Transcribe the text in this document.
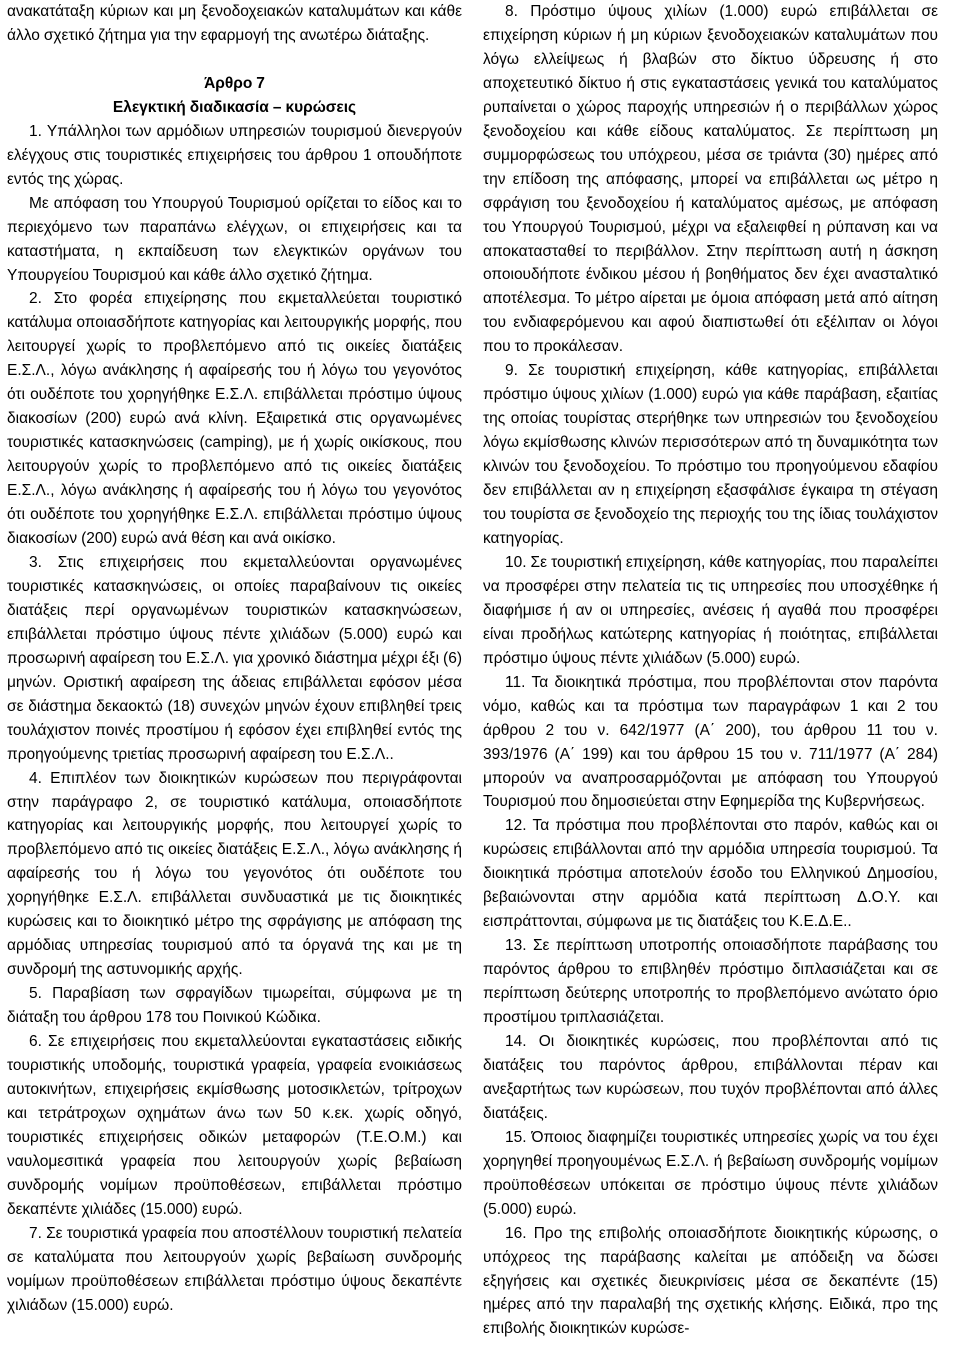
ανακατάταξη κύριων και μη ξενοδοχειακών καταλυμάτων και κάθε άλλο σχετικό ζήτημα για την εφαρμογή της ανωτέρω διάταξης.

Άρθρο 7

Ελεγκτική διαδικασία – κυρώσεις

1. Υπάλληλοι των αρμόδιων υπηρεσιών τουρισμού διενεργούν ελέγχους στις τουριστικές επιχειρήσεις του άρθρου 1 οπουδήποτε εντός της χώρας.

Με απόφαση του Υπουργού Τουρισμού ορίζεται το είδος και το περιεχόμενο των παραπάνω ελέγχων, οι επιχειρήσεις και τα καταστήματα, η εκπαίδευση των ελεγκτικών οργάνων του Υπουργείου Τουρισμού και κάθε άλλο σχετικό ζήτημα.

2. Στο φορέα επιχείρησης που εκμεταλλεύεται τουριστικό κατάλυμα οποιασδήποτε κατηγορίας και λειτουργικής μορφής, που λειτουργεί χωρίς το προβλεπόμενο από τις οικείες διατάξεις Ε.Σ.Λ., λόγω ανάκλησης ή αφαίρεσής του ή λόγω του γεγονότος ότι ουδέποτε του χορηγήθηκε Ε.Σ.Λ. επιβάλλεται πρόστιμο ύψους διακοσίων (200) ευρώ ανά κλίνη. Εξαιρετικά στις οργανωμένες τουριστικές κατασκηνώσεις (camping), με ή χωρίς οικίσκους, που λειτουργούν χωρίς το προβλεπόμενο από τις οικείες διατάξεις Ε.Σ.Λ., λόγω ανάκλησης ή αφαίρεσής του ή λόγω του γεγονότος ότι ουδέποτε του χορηγήθηκε Ε.Σ.Λ. επιβάλλεται πρόστιμο ύψους διακοσίων (200) ευρώ ανά θέση και ανά οικίσκο.

3. Στις επιχειρήσεις που εκμεταλλεύονται οργανωμένες τουριστικές κατασκηνώσεις, οι οποίες παραβαίνουν τις οικείες διατάξεις περί οργανωμένων τουριστικών κατασκηνώσεων, επιβάλλεται πρόστιμο ύψους πέντε χιλιάδων (5.000) ευρώ και προσωρινή αφαίρεση του Ε.Σ.Λ. για χρονικό διάστημα μέχρι έξι (6) μηνών. Οριστική αφαίρεση της άδειας επιβάλλεται εφόσον μέσα σε διάστημα δεκαοκτώ (18) συνεχών μηνών έχουν επιβληθεί τρεις τουλάχιστον ποινές προστίμου ή εφόσον έχει επιβληθεί εντός της προηγούμενης τριετίας προσωρινή αφαίρεση του Ε.Σ.Λ..

4. Επιπλέον των διοικητικών κυρώσεων που περιγράφονται στην παράγραφο 2, σε τουριστικό κατάλυμα, οποιασδήποτε κατηγορίας και λειτουργικής μορφής, που λειτουργεί χωρίς το προβλεπόμενο από τις οικείες διατάξεις Ε.Σ.Λ., λόγω ανάκλησης ή αφαίρεσής του ή λόγω του γεγονότος ότι ουδέποτε του χορηγήθηκε Ε.Σ.Λ. επιβάλλεται συνδυαστικά με τις διοικητικές κυρώσεις και το διοικητικό μέτρο της σφράγισης με απόφαση της αρμόδιας υπηρεσίας τουρισμού από τα όργανά της και με τη συνδρομή της αστυνομικής αρχής.

5. Παραβίαση των σφραγίδων τιμωρείται, σύμφωνα με τη διάταξη του άρθρου 178 του Ποινικού Κώδικα.

6. Σε επιχειρήσεις που εκμεταλλεύονται εγκαταστάσεις ειδικής τουριστικής υποδομής, τουριστικά γραφεία, γραφεία ενοικιάσεως αυτοκινήτων, επιχειρήσεις εκμίσθωσης μοτοσικλετών, τρίτροχων και τετράτροχων οχημάτων άνω των 50 κ.εκ. χωρίς οδηγό, τουριστικές επιχειρήσεις οδικών μεταφορών (Τ.Ε.Ο.Μ.) και ναυλομεσιτικά γραφεία που λειτουργούν χωρίς βεβαίωση συνδρομής νομίμων προϋποθέσεων, επιβάλλεται πρόστιμο δεκαπέντε χιλιάδες (15.000) ευρώ.

7. Σε τουριστικά γραφεία που αποστέλλουν τουριστική πελατεία σε καταλύματα που λειτουργούν χωρίς βεβαίωση συνδρομής νομίμων προϋποθέσεων επιβάλλεται πρόστιμο ύψους δεκαπέντε χιλιάδων (15.000) ευρώ.

8. Πρόστιμο ύψους χιλίων (1.000) ευρώ επιβάλλεται σε επιχείρηση κύριων ή μη κύριων ξενοδοχειακών καταλυμάτων που λόγω ελλείψεως ή βλαβών στο δίκτυο ύδρευσης ή στο αποχετευτικό δίκτυο ή στις εγκαταστάσεις γενικά του καταλύματος ρυπαίνεται ο χώρος παροχής υπηρεσιών ή ο περιβάλλων χώρος ξενοδοχείου και κάθε είδους καταλύματος. Σε περίπτωση μη συμμορφώσεως του υπόχρεου, μέσα σε τριάντα (30) ημέρες από την επίδοση της απόφασης, μπορεί να επιβάλλεται ως μέτρο η σφράγιση του ξενοδοχείου ή καταλύματος αμέσως, με απόφαση του Υπουργού Τουρισμού, μέχρι να εξαλειφθεί η ρύπανση και να αποκατασταθεί το περιβάλλον. Στην περίπτωση αυτή η άσκηση οποιουδήποτε ένδικου μέσου ή βοηθήματος δεν έχει ανασταλτικό αποτέλεσμα. Το μέτρο αίρεται με όμοια απόφαση μετά από αίτηση του ενδιαφερόμενου και αφού διαπιστωθεί ότι εξέλιπαν οι λόγοι που το προκάλεσαν.

9. Σε τουριστική επιχείρηση, κάθε κατηγορίας, επιβάλλεται πρόστιμο ύψους χιλίων (1.000) ευρώ για κάθε παράβαση, εξαιτίας της οποίας τουρίστας στερήθηκε των υπηρεσιών του ξενοδοχείου λόγω εκμίσθωσης κλινών περισσότερων από τη δυναμικότητα των κλινών του ξενοδοχείου. Το πρόστιμο του προηγούμενου εδαφίου δεν επιβάλλεται αν η επιχείρηση εξασφάλισε έγκαιρα τη στέγαση του τουρίστα σε ξενοδοχείο της περιοχής του της ίδιας τουλάχιστον κατηγορίας.

10. Σε τουριστική επιχείρηση, κάθε κατηγορίας, που παραλείπει να προσφέρει στην πελατεία τις τις υπηρεσίες που υποσχέθηκε ή διαφήμισε ή αν οι υπηρεσίες, ανέσεις ή αγαθά που προσφέρει είναι προδήλως κατώτερης κατηγορίας ή ποιότητας, επιβάλλεται πρόστιμο ύψους πέντε χιλιάδων (5.000) ευρώ.

11. Τα διοικητικά πρόστιμα, που προβλέπονται στον παρόντα νόμο, καθώς και τα πρόστιμα των παραγράφων 1 και 2 του άρθρου 2 του ν. 642/1977 (Α΄ 200), του άρθρου 11 του ν. 393/1976 (Α΄ 199) και του άρθρου 15 του ν. 711/1977 (Α΄ 284) μπορούν να αναπροσαρμόζονται με απόφαση του Υπουργού Τουρισμού που δημοσιεύεται στην Εφημερίδα της Κυβερνήσεως.

12. Τα πρόστιμα που προβλέπονται στο παρόν, καθώς και οι κυρώσεις επιβάλλονται από την αρμόδια υπηρεσία τουρισμού. Τα διοικητικά πρόστιμα αποτελούν έσοδο του Ελληνικού Δημοσίου, βεβαιώνονται στην αρμόδια κατά περίπτωση Δ.Ο.Υ. και εισπράττονται, σύμφωνα με τις διατάξεις του Κ.Ε.Δ.Ε..

13. Σε περίπτωση υποτροπής οποιασδήποτε παράβασης του παρόντος άρθρου το επιβληθέν πρόστιμο διπλασιάζεται και σε περίπτωση δεύτερης υποτροπής το προβλεπόμενο ανώτατο όριο προστίμου τριπλασιάζεται.

14. Οι διοικητικές κυρώσεις, που προβλέπονται από τις διατάξεις του παρόντος άρθρου, επιβάλλονται πέραν και ανεξαρτήτως των κυρώσεων, που τυχόν προβλέπονται από άλλες διατάξεις.

15. Όποιος διαφημίζει τουριστικές υπηρεσίες χωρίς να του έχει χορηγηθεί προηγουμένως Ε.Σ.Λ. ή βεβαίωση συνδρομής νομίμων προϋποθέσεων υπόκειται σε πρόστιμο ύψους πέντε χιλιάδων (5.000) ευρώ.

16. Προ της επιβολής οποιασδήποτε διοικητικής κύρωσης, ο υπόχρεος της παράβασης καλείται με απόδειξη να δώσει εξηγήσεις και σχετικές διευκρινίσεις μέσα σε δεκαπέντε (15) ημέρες από την παραλαβή της σχετικής κλήσης. Ειδικά, προ της επιβολής διοικητικών κυρώσε-
